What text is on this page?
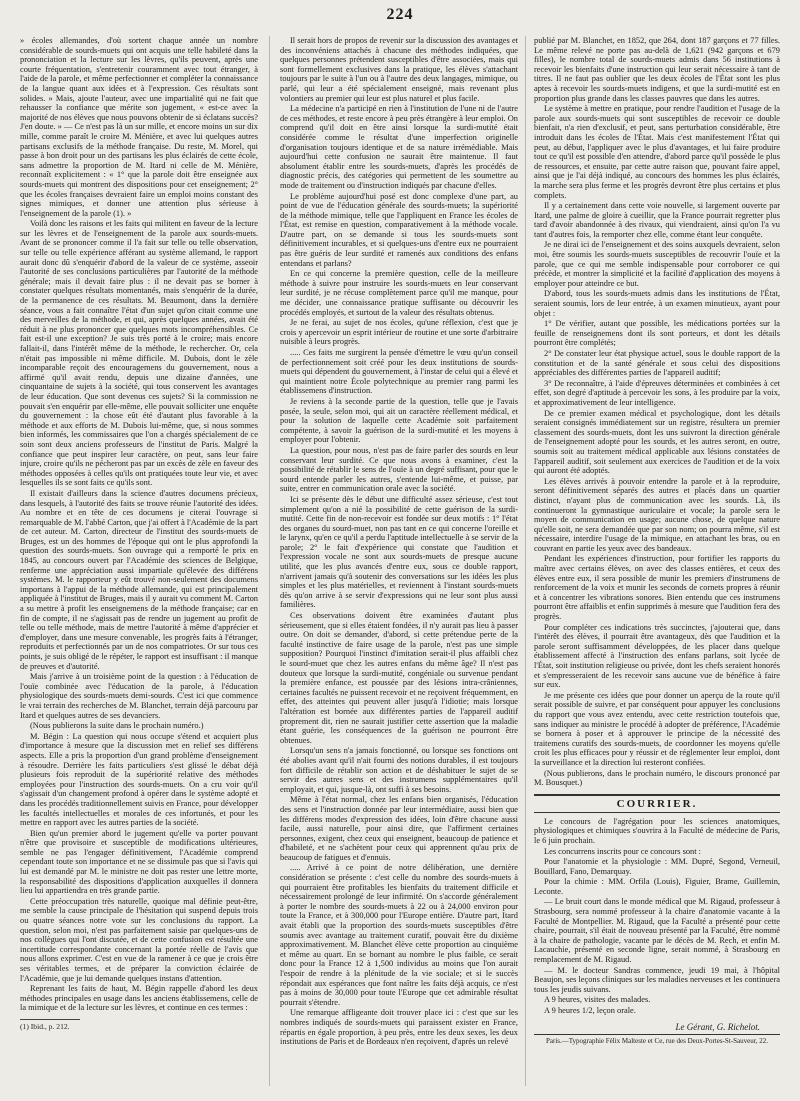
224

» écoles allemandes, d'où sortent chaque année un nombre considérable de sourds-muets qui ont acquis une telle habileté dans la prononciation et la lecture sur les lèvres, qu'ils peuvent, après une courte fréquentation, s'entretenir couramment avec tout étranger, à l'aide de la parole, et même perfectionner et compléter la connaissance de la langue quant aux idées et à l'expression. Ces résultats sont solides. » Mais, ajoute l'auteur, avec une impartialité qui ne fait que rehausser la confiance que mérite son jugement, « est-ce avec la majorité de nos élèves que nous pouvons obtenir de si éclatans succès? J'en doute. » — Ce n'est pas là un sur mille, et encore moins un sur dix mille, comme paraît le croire M. Ménière, et avec lui quelques autres partisans exclusifs de la méthode française. Du reste, M. Morel, qui passe à bon droit pour un des partisans les plus éclairés de cette école, sans admettre la proportion de M. Itard ni celle de M. Ménière, reconnaît explicitement : « 1° que la parole doit être enseignée aux sourds-muets qui montrent des dispositions pour cet enseignement; 2° que les écoles françaises devraient faire un emploi moins constant des signes mimiques, et donner une attention plus sérieuse à l'enseignement de la parole (1). »

Voilà donc les raisons et les faits qui militent en faveur de la lecture sur les lèvres et de l'enseignement de la parole aux sourds-muets. Avant de se prononcer comme il l'a fait sur telle ou telle observation, sur telle ou telle expérience afférant au système allemand, le rapport aurait donc dû s'enquérir d'abord de la valeur de ce système, asseoir l'autorité de ses conclusions particulières par l'autorité de la méthode générale; mais il devait faire plus : il ne devait pas se borner à constater quelques résultats momentanés, mais s'enquérir de la durée, de la permanence de ces résultats. M. Beaumont, dans la dernière séance, vous a fait connaître l'état d'un sujet qu'on citait comme une des merveilles de la méthode, et qui, après quelques années, avait été réduit à ne plus prononcer que quelques mots incompréhensibles. Ce fait est-il une exception? Je suis très porté à le croire; mais encore fallait-il, dans l'intérêt même de la méthode, le rechercher. Or, cela n'était pas impossible ni même difficile. M. Dubois, dont le zèle incomparable reçoit des encouragemens du gouvernement, nous a affirmé qu'il avait rendu, depuis une dizaine d'années, une cinquantaine de sujets à la société, qui tous conservent les avantages de leur éducation. Que sont devenus ces sujets? Si la commission ne pouvait s'en enquérir par elle-même, elle pouvait solliciter une enquête du gouvernement : la chose eût été d'autant plus favorable à la méthode et aux efforts de M. Dubois lui-même, que, si nous sommes bien informés, les commissaires que l'on a chargés spécialement de ce soin sont deux anciens professeurs de l'institut de Paris. Malgré la confiance que peut inspirer leur caractère, on peut, sans leur faire injure, croire qu'ils ne pécheront pas par un excès de zèle en faveur des méthodes opposées à celles qu'ils ont pratiquées toute leur vie, et avec lesquelles ils se sont faits ce qu'ils sont.

Il existait d'ailleurs dans la science d'autres documens précieux, dans lesquels, à l'autorité des faits se trouve réunie l'autorité des idées. Au nombre et en tête de ces documens je citerai l'ouvrage si remarquable de M. l'abbé Carton, que j'ai offert à l'Académie de la part de cet auteur. M. Carton, directeur de l'institut des sourds-muets de Bruges, est un des hommes de l'époque qui ont le plus approfondi la question des sourds-muets. Son ouvrage qui a remporté le prix en 1845, au concours ouvert par l'Académie des sciences de Belgique, renferme une appréciation aussi impartiale qu'élevée des différens systèmes. M. le rapporteur y eût trouvé non-seulement des documens importans à l'appui de la méthode allemande, qui est principalement appliquée à l'institut de Bruges, mais il y aurait vu comment M. Carton a su mettre à profit les enseignemens de la méthode française; car en fin de compte, il ne s'agissait pas de rendre un jugement au profit de telle ou telle méthode, mais de mettre l'autorité à même d'apprécier et d'employer, dans une mesure convenable, les progrès faits à l'étranger, reproduits et perfectionnés par un de nos compatriotes. Or sur tous ces points, je suis obligé de le répéter, le rapport est insuffisant : il manque de preuves et d'autorité.

Mais j'arrive à un troisième point de la question : à l'éducation de l'ouïe combinée avec l'éducation de la parole, à l'éducation physiologique des sourds-muets demi-sourds. C'est ici que commence le vrai terrain des recherches de M. Blanchet, terrain déjà parcouru par Itard et quelques autres de ses devanciers.

(Nous publierons la suite dans le prochain numéro.)

M. Bégin : La question qui nous occupe s'étend et acquiert plus d'importance à mesure que la discussion met en relief ses différens aspects. Elle a pris la proportion d'un grand problème d'enseignement à résoudre. Derrière les faits particuliers s'est glissé le débat déjà plusieurs fois reproduit de la supériorité relative des méthodes employées pour l'instruction des sourds-muets. On a cru voir qu'il s'agissait d'un changement profond à opérer dans le système adopté et dans les procédés traditionnellement suivis en France, pour développer les facultés intellectuelles et morales de ces infortunés, et pour les mettre en rapport avec les autres parties de la société.

Bien qu'un premier abord le jugement qu'elle va porter pouvant n'être que provisoire et susceptible de modifications ultérieures, semble ne pas l'engager définitivement, l'Académie comprend cependant toute son importance et ne se dissimule pas que si l'avis qui lui est demandé par M. le ministre ne doit pas rester une lettre morte, la responsabilité des dispositions d'application auxquelles il donnera lieu lui appartiendra en très grande partie.

Cette préoccupation très naturelle, quoique mal définie peut-être, me semble la cause principale de l'hésitation qui suspend depuis trois ou quatre séances notre vote sur les conclusions du rapport. La question, selon moi, n'est pas parfaitement saisie par quelques-uns de nos collègues qui l'ont discutée, et de cette confusion est résultée une incertitude correspondante concernant la portée réelle de l'avis que nous allons exprimer. C'est en vue de la ramener à ce que je crois être ses véritables termes, et de préparer la conviction éclairée de l'Académie, que je lui demande quelques instans d'attention.

Reprenant les faits de haut, M. Bégin rappelle d'abord les deux méthodes principales en usage dans les anciens établissemens, celle de la mimique et de la lecture sur les lèvres, et continue en ces termes :

(1) Ibid., p. 212.

Il serait hors de propos de revenir sur la discussion des avantages et des inconvéniens attachés à chacune des méthodes indiquées, que quelques personnes prétendent susceptibles d'être associées, mais qui sont formellement exclusives dans la pratique, les élèves s'attachant toujours par le suite à l'un ou à l'autre des deux langages, mimique, ou parlé, qui leur a été spécialement enseigné, mais revenant plus volontiers au premier qui leur est plus naturel et plus facile.

La médecine n'a participé en rien à l'institution de l'une ni de l'autre de ces méthodes, et reste encore à peu près étrangère à leur emploi. On comprend qu'il doit en être ainsi lorsque la surdi-mutité était considérée comme le résultat d'une imperfection originelle d'organisation toujours identique et de sa nature irrémédiable. Mais aujourd'hui cette confusion ne saurait être maintenue. Il faut absolument établir entre les sourds-muets, d'après les procédés de diagnostic précis, des catégories qui permettent de les soumettre au mode de traitement ou d'instruction indiqués par chacune d'elles.

Le problème aujourd'hui posé est donc complexe d'une part, au point de vue de l'éducation générale des sourds-muets; la supériorité de la méthode mimique, telle que l'appliquent en France les écoles de l'État, est remise en question, comparativement à la méthode vocale. D'autre part, on se demande si tous les sourds-muets sont définitivement incurables, et si quelques-uns d'entre eux ne pourraient pas être guéris de leur surdité et ramenés aux conditions des enfans entendans et parlans?

En ce qui concerne la première question, celle de la meilleure méthode à suivre pour instruire les sourds-muets en leur conservant leur surdité, je ne récuse complètement parce qu'il me manque, pour me décider, une connaissance pratique suffisante ou découvrir les procédés employés, et surtout de la valeur des résultats obtenus.

Je ne ferai, au sujet de nos écoles, qu'une réflexion, c'est que je crois y apercevoir un esprit intérieur de routine et une sorte d'arbitraire nuisible à leurs progrès.

..... Ces faits me surgirent la pensée d'émettre le vœu qu'un conseil de perfectionnement soit créé pour les deux institutions de sourds-muets qui dépendent du gouvernement, à l'instar de celui qui a élevé et qui maintient notre École polytechnique au premier rang parmi les établissemens d'instruction.

Je reviens à la seconde partie de la question, telle que je l'avais posée, la seule, selon moi, qui ait un caractère réellement médical, et pour la solution de laquelle cette Académie soit parfaitement compétente, à savoir la guérison de la surdi-mutité et les moyens à employer pour l'obtenir.

La question, pour nous, n'est pas de faire parler des sourds en leur conservant leur surdité. Ce que nous avons à examiner, c'est la possibilité de rétablir le sens de l'ouïe à un degré suffisant, pour que le sourd entende parler les autres, s'entende lui-même, et puisse, par suite, entrer en communication orale avec la société.

Ici se présente dès le début une difficulté assez sérieuse, c'est tout simplement qu'on a nié la possibilité de cette guérison de la surdi-mutité. Cette fin de non-recevoir est fondée sur deux motifs : 1° l'état des organes du sourd-muet, non pas tant en ce qui concerne l'oreille et le larynx, qu'en ce qu'il a perdu l'aptitude intellectuelle à se servir de la parole; 2° le fait d'expérience qui constate que l'audition et l'expression vocale ne sont aux sourds-muets de presque aucune utilité, que les plus avancés d'entre eux, sous ce double rapport, n'arrivent jamais qu'à soutenir des conversations sur les idées les plus simples et les plus matérielles, et reviennent à l'instant sourds-muets dès qu'on arrive à se servir d'expressions qui ne leur sont plus aussi familières.

Ces observations doivent être examinées d'autant plus sérieusement, que si elles étaient fondées, il n'y aurait pas lieu à passer outre. On doit se demander, d'abord, si cette prétendue perte de la faculté instinctive de faire usage de la parole, n'est pas une simple supposition? Pourquoi l'instinct d'imitation serait-il plus affaibli chez le sourd-muet que chez les autres enfans du même âge? Il n'est pas douteux que lorsque la surdi-mutité, congéniale ou survenue pendant la première enfance, est poussée par des lésions intra-crâniennes, certaines facultés ne puissent recevoir et ne reçoivent fréquemment, en effet, des atteintes qui peuvent aller jusqu'à l'idiotie; mais lorsque l'altération est bornée aux différentes parties de l'appareil auditif proprement dit, rien ne saurait justifier cette assertion que la maladie étant guérie, les conséquences de la guérison ne pourront être obtenues.

Lorsqu'un sens n'a jamais fonctionné, ou lorsque ses fonctions ont été abolies avant qu'il n'ait fourni des notions durables, il est toujours fort difficile de rétablir son action et de déshabituer le sujet de se servir des autres sens et des instrumens supplémentaires qu'il employait, et qui, jusque-là, ont suffi à ses besoins.

Même à l'état normal, chez les enfans bien organisés, l'éducation des sens et l'instruction donnée par leur intermédiaire, aussi bien que les différens modes d'expression des idées, loin d'être chacune aussi facile, aussi naturelle, pour ainsi dire, que l'affirment certaines personnes, exigent, chez ceux qui enseignent, beaucoup de patience et d'habileté, et ne s'achètent pour ceux qui apprennent qu'au prix de beaucoup de fatigues et d'ennuis.

..... Arrivé à ce point de notre délibération, une dernière considération se présente : c'est celle du nombre des sourds-muets à qui pourraient être profitables les bienfaits du traitement difficile et nécessairement prolongé de leur infirmité. On s'accorde généralement à porter le nombre des sourds-muets à 22 ou à 24,000 environ pour toute la France, et à 300,000 pour l'Europe entière. D'autre part, Itard avait établi que la proportion des sourds-muets susceptibles d'être soumis avec avantage au traitement curatif, pouvait être du dixième approximativement. M. Blanchet élève cette proportion au cinquième et même au quart. En se bornant au nombre le plus faible, ce serait donc pour la France 12 à 1,500 individus au moins que l'on aurait l'espoir de rendre à la plénitude de la vie sociale; et si le succès répondait aux espérances que font naître les faits déjà acquis, ce n'est pas à moins de 30,000 pour toute l'Europe que cet admirable résultat pourrait s'étendre.

Une remarque affligeante doit trouver place ici : c'est que sur les nombres indiqués de sourds-muets qui paraissent exister en France, répartis en égale proportion, à peu près, entre les deux sexes, les deux institutions de Paris et de Bordeaux n'en reçoivent, d'après un relevé

publié par M. Blanchet, en 1852, que 264, dont 187 garçons et 77 filles. Le même relevé ne porte pas au-delà de 1,621 (942 garçons et 679 filles), le nombre total de sourds-muets admis dans 56 institutions à recevoir les bienfaits d'une instruction qui leur serait nécessaire à tant de titres. Il ne faut pas oublier que les deux écoles de l'État sont les plus aptes à recevoir les sourds-muets indigens, et que la surdi-mutité est en proportion plus grande dans les classes pauvres que dans les autres.

Le système à mettre en pratique, pour rendre l'audition et l'usage de la parole aux sourds-muets qui sont susceptibles de recevoir ce double bienfait, n'a rien d'exclusif, et peut, sans perturbation considérable, être introduit dans les écoles de l'État. Mais c'est manifestement l'État qui peut, au début, l'appliquer avec le plus d'avantages, et lui faire produire tout ce qu'il est possible d'en attendre, d'abord parce qu'il possède le plus de ressources, et ensuite, par cette autre raison que, pouvant faire appel, ainsi que je l'ai déjà indiqué, au concours des hommes les plus éclairés, la marche sera plus ferme et les progrès devront être plus certains et plus complets.

Il y a certainement dans cette voie nouvelle, si largement ouverte par Itard, une palme de gloire à cueillir, que la France pourrait regretter plus tard d'avoir abandonnée à des rivaux, qui viendraient, ainsi qu'on l'a vu tant d'autres fois, la remporter chez elle, comme étant leur conquête.

Je ne dirai ici de l'enseignement et des soins auxquels devraient, selon moi, être soumis les sourds-muets susceptibles de recouvrir l'ouïe et la parole, que ce qui me semble indispensable pour corroborer ce qui précède, et montrer la simplicité et la facilité d'application des moyens à employer pour atteindre ce but.

D'abord, tous les sourds-muets admis dans les institutions de l'État, seraient soumis, lors de leur entrée, à un examen minutieux, ayant pour objet :

1° De vérifier, autant que possible, les médications portées sur la feuille de renseignemens dont ils sont porteurs, et dont les détails pourront être complétés;

2° De constater leur état physique actuel, sous le double rapport de la constitution et de la santé générale et sous celui des dispositions appréciables des différentes parties de l'appareil auditif;

3° De reconnaître, à l'aide d'épreuves déterminées et combinées à cet effet, son degré d'aptitude à percevoir les sons, à les produire par la voix, et approximativement de leur intelligence.

De ce premier examen médical et psychologique, dont les détails seraient consignés immédiatement sur un registre, résultera un premier classement des sourds-muets, dont les uns suivront la direction générale de l'enseignement adopté pour les sourds, et les autres seront, en outre, soumis soit au traitement médical applicable aux lésions constatées de l'appareil auditif, soit seulement aux exercices de l'audition et de la voix qui auront été adoptés.

Les élèves arrivés à pouvoir entendre la parole et à la reproduire, seront définitivement séparés des autres et placés dans un quartier distinct, n'ayant plus de communication avec les sourds. Là, ils continueront la gymnastique auriculaire et vocale; la parole sera le moyen de communication en usage; aucune chose, de quelque nature qu'elle soit, ne sera demandée que par son nom; on pourra même, s'il est nécessaire, interdire l'usage de la mimique, en attachant les bras, ou en couvrant en partie les yeux avec des bandeaux.

Pendant les expériences d'instruction, pour fortifier les rapports du maître avec certains élèves, on avec des classes entières, et ceux des élèves entre eux, il sera possible de munir les premiers d'instrumens de renforcement de la voix et munir les seconds de cornets propres à réunir et à concentrer les vibrations sonores. Bien entendu que ces instrumens pourront être affaiblis et enfin supprimés à mesure que l'audition fera des progrès.

Pour compléter ces indications très succinctes, j'ajouterai que, dans l'intérêt des élèves, il pourrait être avantageux, dès que l'audition et la parole seront suffisamment développées, de les placer dans quelque établissement affecté à l'instruction des enfans parlans, soit lycée de l'État, soit institution religieuse ou privée, dont les chefs seraient honorés et s'empresseraient de les recevoir sans aucune vue de bénéfice à faire sur eux.

Je me présente ces idées que pour donner un aperçu de la route qu'il serait possible de suivre, et par conséquent pour appuyer les conclusions du rapport que vous avez entendu, avec cette restriction toutefois que, sans indiquer au ministre le procédé à adopter de préférence, l'Académie se bornera à poser et à approuver le principe de la nécessité des traitemens curatifs des sourds-muets, de coordonner les moyens qu'elle croit les plus efficaces pour y réussir et de réglementer leur emploi, dont la surveillance et la direction lui resteront confiées.

(Nous publierons, dans le prochain numéro, le discours prononcé par M. Bousquet.)

COURRIER.

Le concours de l'agrégation pour les sciences anatomiques, physiologiques et chimiques s'ouvrira à la Faculté de médecine de Paris, le 6 juin prochain.

Les concurrens inscrits pour ce concours sont :

Pour l'anatomie et la physiologie : MM. Dupré, Segond, Verneuil, Bouillard, Fano, Demarquay.

Pour la chimie : MM. Orfila (Louis), Figuier, Brame, Guillemin, Leconte.

— Le bruit court dans le monde médical que M. Rigaud, professeur à Strasbourg, sera nommé professeur à la chaire d'anatomie vacante à la Faculté de Montpellier. M. Rigaud, que la Faculté a présenté pour cette chaire, pourrait, s'il était de nouveau présenté par la Faculté, être nommé à la chaire de pathologie, vacante par le décès de M. Rech, et enfin M. Lacauchie, présenté en seconde ligne, serait nommé, à Strasbourg en remplacement de M. Rigaud.

— M. le docteur Sandras commence, jeudi 19 mai, à l'hôpital Beaujon, ses leçons cliniques sur les maladies nerveuses et les continuera tous les jeudis suivans.

A 9 heures, visites des malades.

A 9 heures 1/2, leçon orale.

Le Gérant, G. Richelot.
Paris.—Typographie Félix Malteste et Ce, rue des Deux-Portes-St-Sauveur, 22.
